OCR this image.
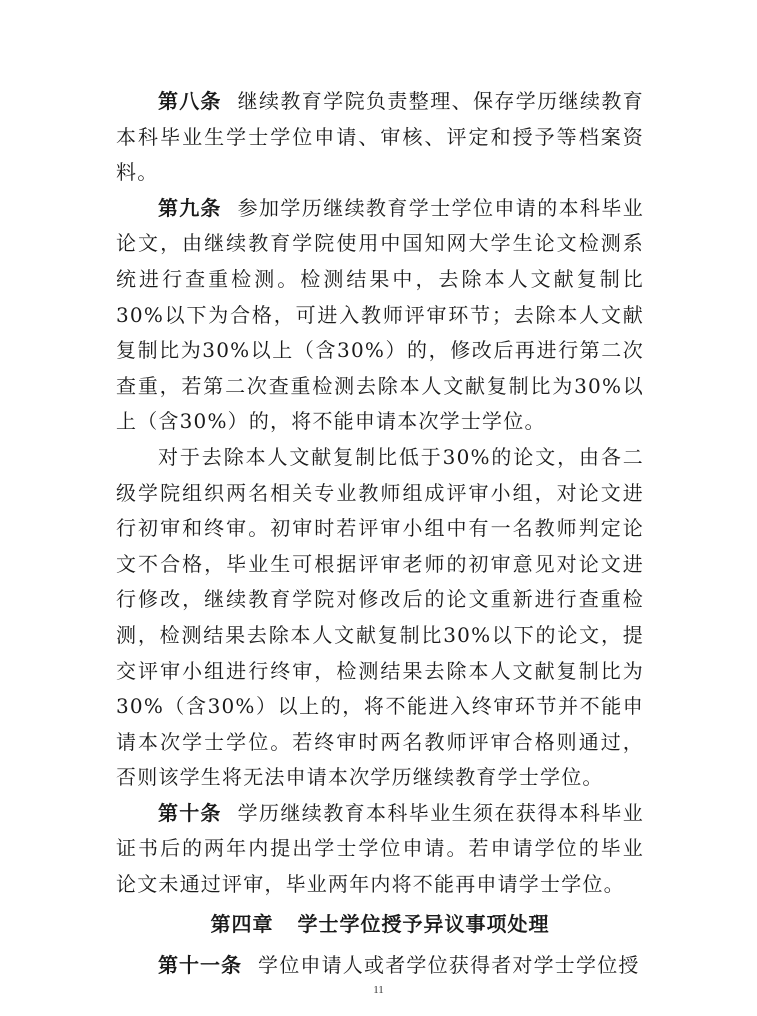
第八条 继续教育学院负责整理、保存学历继续教育本科毕业生学士学位申请、审核、评定和授予等档案资料。

第九条 参加学历继续教育学士学位申请的本科毕业论文，由继续教育学院使用中国知网大学生论文检测系统进行查重检测。检测结果中，去除本人文献复制比30%以下为合格，可进入教师评审环节；去除本人文献复制比为30%以上（含30%）的，修改后再进行第二次查重，若第二次查重检测去除本人文献复制比为30%以上（含30%）的，将不能申请本次学士学位。

对于去除本人文献复制比低于30%的论文，由各二级学院组织两名相关专业教师组成评审小组，对论文进行初审和终审。初审时若评审小组中有一名教师判定论文不合格，毕业生可根据评审老师的初审意见对论文进行修改，继续教育学院对修改后的论文重新进行查重检测，检测结果去除本人文献复制比30%以下的论文，提交评审小组进行终审，检测结果去除本人文献复制比为30%（含30%）以上的，将不能进入终审环节并不能申请本次学士学位。若终审时两名教师评审合格则通过，否则该学生将无法申请本次学历继续教育学士学位。

第十条 学历继续教育本科毕业生须在获得本科毕业证书后的两年内提出学士学位申请。若申请学位的毕业论文未通过评审，毕业两年内将不能再申请学士学位。

第四章 学士学位授予异议事项处理

第十一条 学位申请人或者学位获得者对学士学位授

11
